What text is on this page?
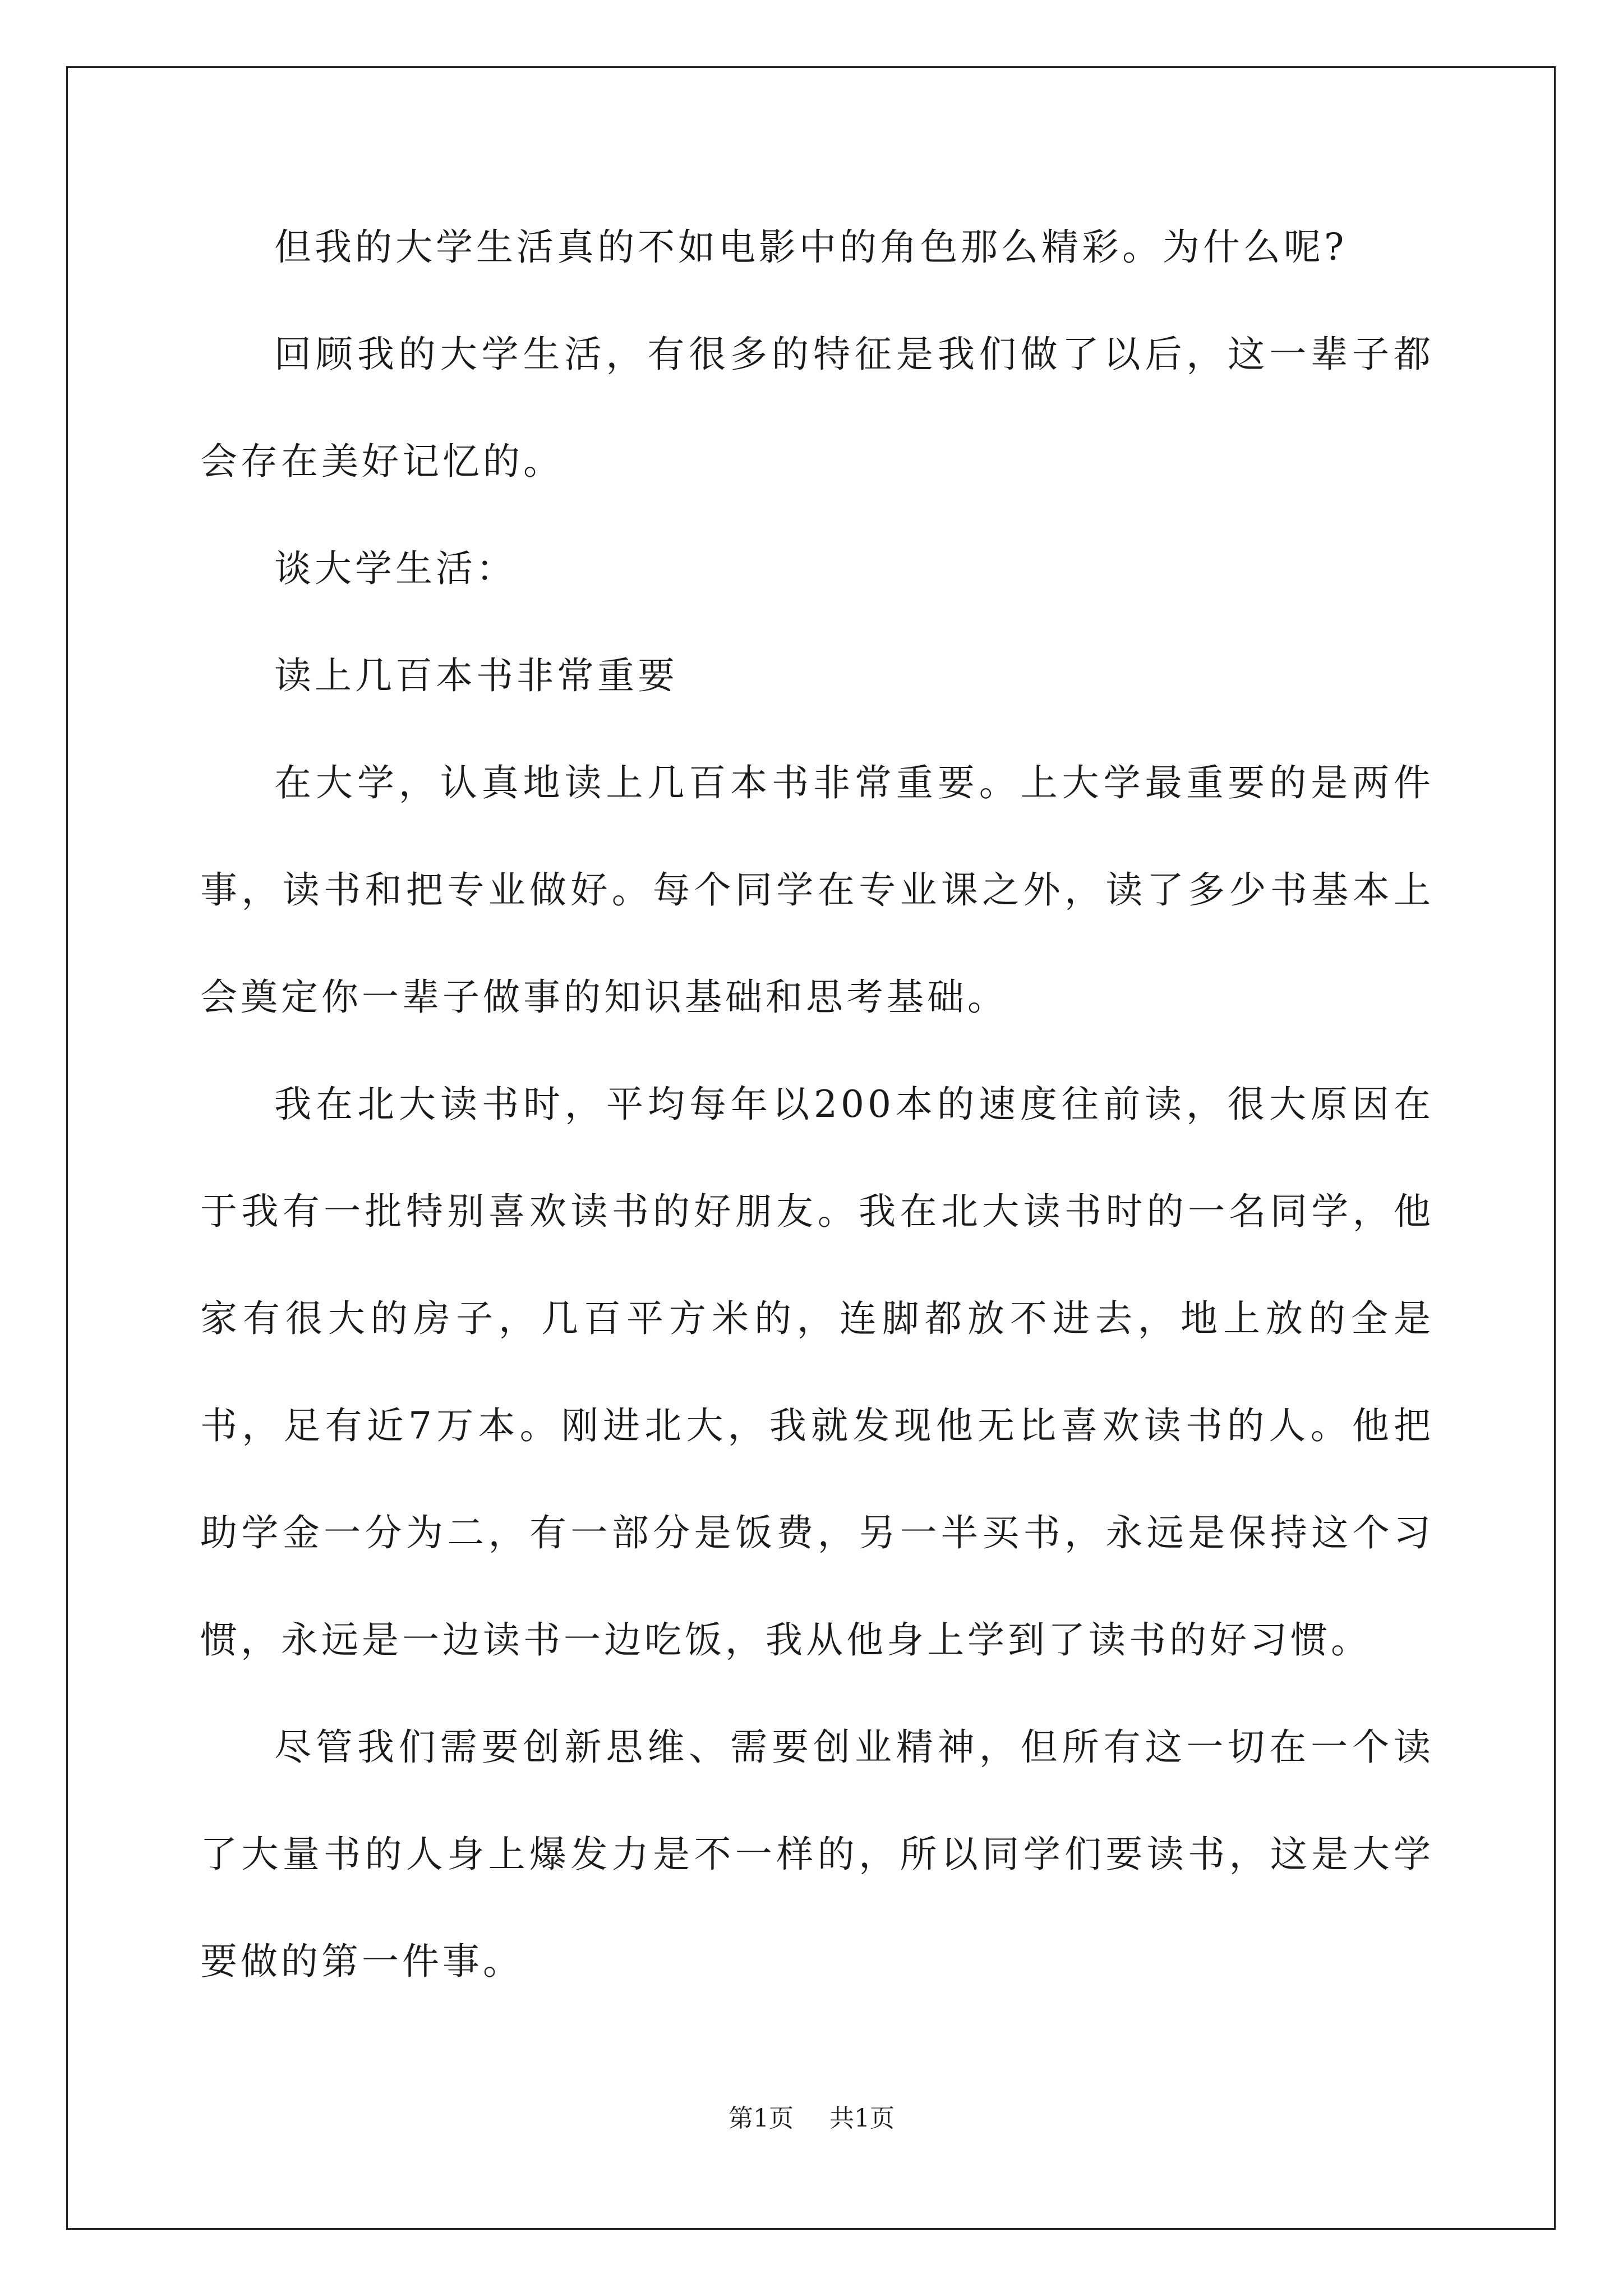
但我的大学生活真的不如电影中的角色那么精彩。为什么呢?

回顾我的大学生活，有很多的特征是我们做了以后，这一辈子都会存在美好记忆的。

谈大学生活：

读上几百本书非常重要

在大学，认真地读上几百本书非常重要。上大学最重要的是两件事，读书和把专业做好。每个同学在专业课之外，读了多少书基本上会奠定你一辈子做事的知识基础和思考基础。

我在北大读书时，平均每年以200本的速度往前读，很大原因在于我有一批特别喜欢读书的好朋友。我在北大读书时的一名同学，他家有很大的房子，几百平方米的，连脚都放不进去，地上放的全是书，足有近7万本。刚进北大，我就发现他无比喜欢读书的人。他把助学金一分为二，有一部分是饭费，另一半买书，永远是保持这个习惯，永远是一边读书一边吃饭，我从他身上学到了读书的好习惯。

尽管我们需要创新思维、需要创业精神，但所有这一切在一个读了大量书的人身上爆发力是不一样的，所以同学们要读书，这是大学要做的第一件事。

第1页 共1页
